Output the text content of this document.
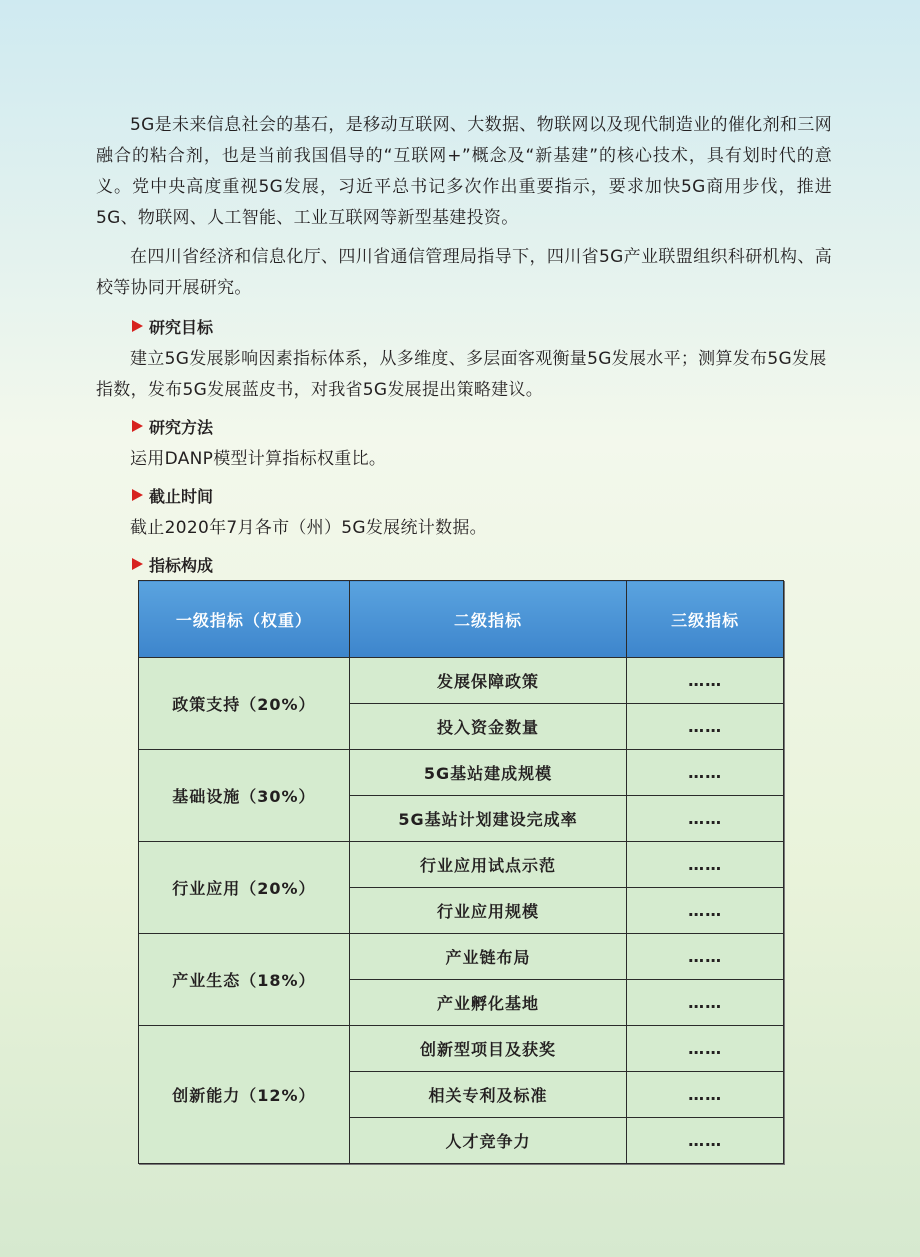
5G是未来信息社会的基石，是移动互联网、大数据、物联网以及现代制造业的催化剂和三网融合的粘合剂，也是当前我国倡导的“互联网+”概念及“新基建”的核心技术，具有划时代的意义。党中央高度重视5G发展，习近平总书记多次作出重要指示，要求加快5G商用步伐，推进5G、物联网、人工智能、工业互联网等新型基建投资。

在四川省经济和信息化厅、四川省通信管理局指导下，四川省5G产业联盟组织科研机构、高校等协同开展研究。

研究目标

建立5G发展影响因素指标体系，从多维度、多层面客观衡量5G发展水平；测算发布5G发展指数，发布5G发展蓝皮书，对我省5G发展提出策略建议。

研究方法

运用DANP模型计算指标权重比。

截止时间

截止2020年7月各市（州）5G发展统计数据。

指标构成
一级指标（权重）	二级指标	三级指标
政策支持（20%）	发展保障政策	……
	投入资金数量	……
基础设施（30%）	5G基站建成规模	……
	5G基站计划建设完成率	……
行业应用（20%）	行业应用试点示范	……
	行业应用规模	……
产业生态（18%）	产业链布局	……
	产业孵化基地	……
创新能力（12%）	创新型项目及获奖	……
	相关专利及标准	……
	人才竞争力	……
